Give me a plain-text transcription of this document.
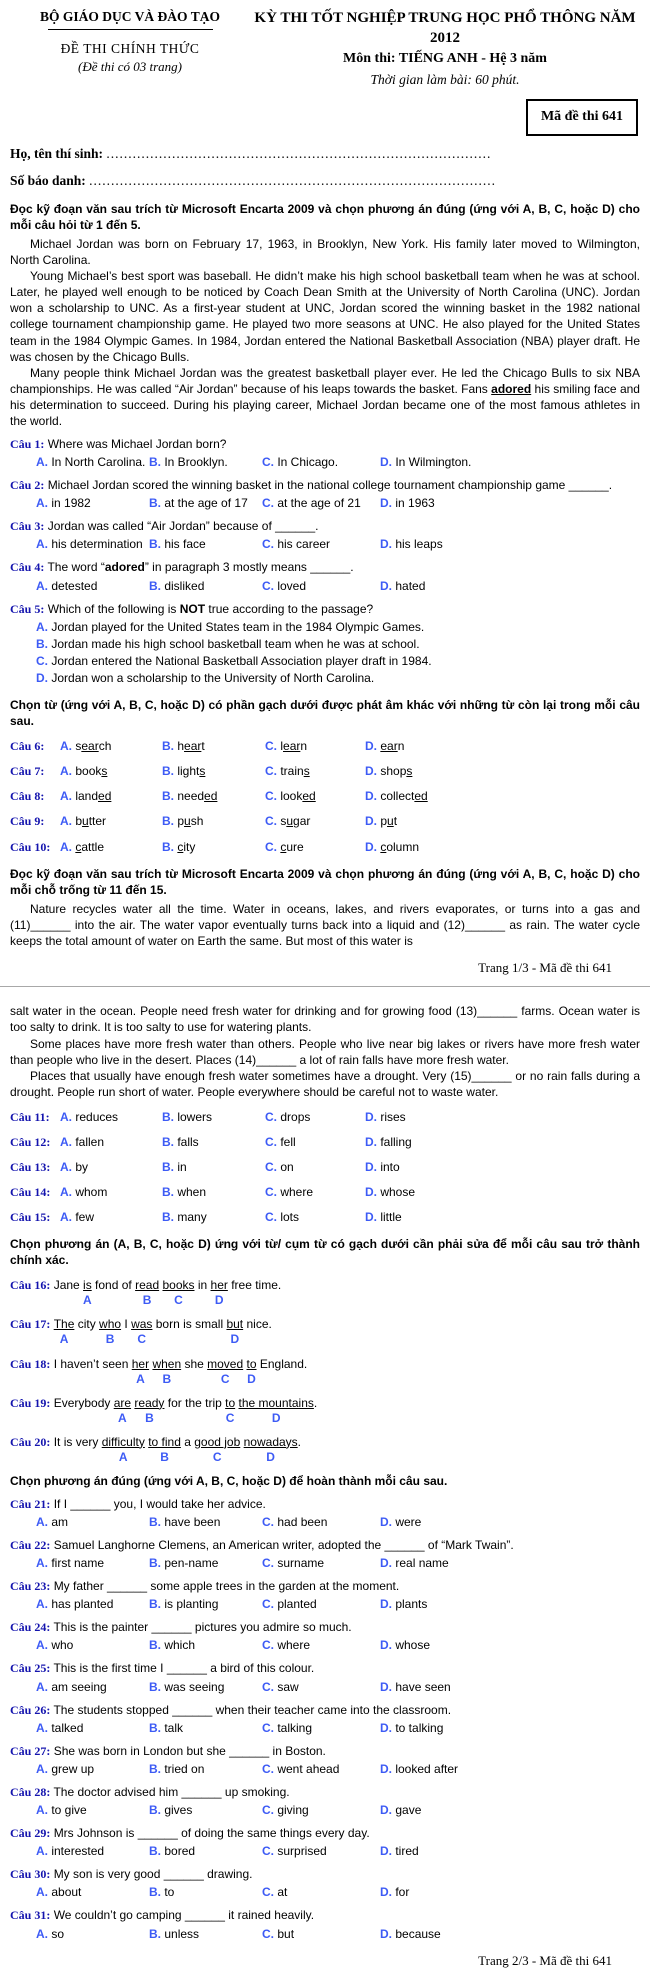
BỘ GIÁO DỤC VÀ ĐÀO TẠO
ĐỀ THI CHÍNH THỨC
(Đề thi có 03 trang)
KỲ THI TỐT NGHIỆP TRUNG HỌC PHỔ THÔNG NĂM 2012
Môn thi: TIẾNG ANH - Hệ 3 năm
Thời gian làm bài: 60 phút.
Mã đề thi 641
Họ, tên thí sinh: ........................................................................................
Số báo danh: .............................................................................................
Đọc kỹ đoạn văn sau trích từ Microsoft Encarta 2009 và chọn phương án đúng (ứng với A, B, C, hoặc D) cho mỗi câu hỏi từ 1 đến 5.

Michael Jordan was born on February 17, 1963, in Brooklyn, New York. His family later moved to Wilmington, North Carolina.

Young Michael’s best sport was baseball. He didn’t make his high school basketball team when he was at school. Later, he played well enough to be noticed by Coach Dean Smith at the University of North Carolina (UNC). Jordan won a scholarship to UNC. As a first-year student at UNC, Jordan scored the winning basket in the 1982 national college tournament championship game. He played two more seasons at UNC. He also played for the United States team in the 1984 Olympic Games. In 1984, Jordan entered the National Basketball Association (NBA) player draft. He was chosen by the Chicago Bulls.

Many people think Michael Jordan was the greatest basketball player ever. He led the Chicago Bulls to six NBA championships. He was called “Air Jordan” because of his leaps towards the basket. Fans adored his smiling face and his determination to succeed. During his playing career, Michael Jordan became one of the most famous athletes in the world.

Câu 1: Where was Michael Jordan born?
A. In North Carolina. B. In Brooklyn.	C. In Chicago.	D. In Wilmington.
Câu 2: Michael Jordan scored the winning basket in the national college tournament championship game ______.
A. in 1982	B. at the age of 17	C. at the age of 21	D. in 1963
Câu 3: Jordan was called “Air Jordan” because of ______.
A. his determination B. his face	C. his career	D. his leaps
Câu 4: The word “adored” in paragraph 3 mostly means ______.
A. detested	B. disliked	C. loved	D. hated
Câu 5: Which of the following is NOT true according to the passage?
A. Jordan played for the United States team in the 1984 Olympic Games.
B. Jordan made his high school basketball team when he was at school.
C. Jordan entered the National Basketball Association player draft in 1984.
D. Jordan won a scholarship to the University of North Carolina.
Chọn từ (ứng với A, B, C, hoặc D) có phần gạch dưới được phát âm khác với những từ còn lại trong mỗi câu sau.
Câu 6:	A. search	B. heart	C. learn	D. earn
Câu 7:	A. books	B. lights	C. trains	D. shops
Câu 8:	A. landed	B. needed	C. looked	D. collected
Câu 9:	A. butter	B. push	C. sugar	D. put
Câu 10: A. cattle	B. city	C. cure	D. column
Đọc kỹ đoạn văn sau trích từ Microsoft Encarta 2009 và chọn phương án đúng (ứng với A, B, C, hoặc D) cho mỗi chỗ trống từ 11 đến 15.

Nature recycles water all the time. Water in oceans, lakes, and rivers evaporates, or turns into a gas and (11)______ into the air. The water vapor eventually turns back into a liquid and (12)______ as rain. The water cycle keeps the total amount of water on Earth the same. But most of this water is

Trang 1/3 - Mã đề thi 641

salt water in the ocean. People need fresh water for drinking and for growing food (13)______ farms. Ocean water is too salty to drink. It is too salty to use for watering plants.

Some places have more fresh water than others. People who live near big lakes or rivers have more fresh water than people who live in the desert. Places (14)______ a lot of rain falls have more fresh water.

Places that usually have enough fresh water sometimes have a drought. Very (15)______ or no rain falls during a drought. People run short of water. People everywhere should be careful not to waste water.

Câu 11: A. reduces	B. lowers	C. drops	D. rises
Câu 12: A. fallen	B. falls	C. fell	D. falling
Câu 13: A. by	B. in	C. on	D. into
Câu 14: A. whom	B. when	C. where	D. whose
Câu 15: A. few	B. many	C. lots	D. little
Chọn phương án (A, B, C, hoặc D) ứng với từ/ cụm từ có gạch dưới cần phải sửa để mỗi câu sau trở thành chính xác.
Câu 16: Jane is
A
fond of read
B
books
C
in her
D
free time.
Câu 17: The
A
city who
B
I was
C
born is small but
D
nice.
Câu 18: I haven’t seen her
A
when
B
she moved
C
to
D
England.
Câu 19: Everybody are
A
ready
B
for the trip to
C
the mountains
D
.
Câu 20: It is very difficulty
A
to find
B
a good job
C
nowadays
D
.
Chọn phương án đúng (ứng với A, B, C, hoặc D) để hoàn thành mỗi câu sau.
Câu 21: If I ______ you, I would take her advice.
A. am	B. have been	C. had been	D. were
Câu 22: Samuel Langhorne Clemens, an American writer, adopted the ______ of “Mark Twain”.
A. first name	B. pen-name	C. surname	D. real name
Câu 23: My father ______ some apple trees in the garden at the moment.
A. has planted	B. is planting	C. planted	D. plants
Câu 24: This is the painter ______ pictures you admire so much.
A. who	B. which	C. where	D. whose
Câu 25: This is the first time I ______ a bird of this colour.
A. am seeing	B. was seeing	C. saw	D. have seen
Câu 26: The students stopped ______ when their teacher came into the classroom.
A. talked	B. talk	C. talking	D. to talking
Câu 27: She was born in London but she ______ in Boston.
A. grew up	B. tried on	C. went ahead	D. looked after
Câu 28: The doctor advised him ______ up smoking.
A. to give	B. gives	C. giving	D. gave
Câu 29: Mrs Johnson is ______ of doing the same things every day.
A. interested	B. bored	C. surprised	D. tired
Câu 30: My son is very good ______ drawing.
A. about	B. to	C. at	D. for
Câu 31: We couldn’t go camping ______ it rained heavily.
A. so	B. unless	C. but	D. because
Trang 2/3 - Mã đề thi 641
